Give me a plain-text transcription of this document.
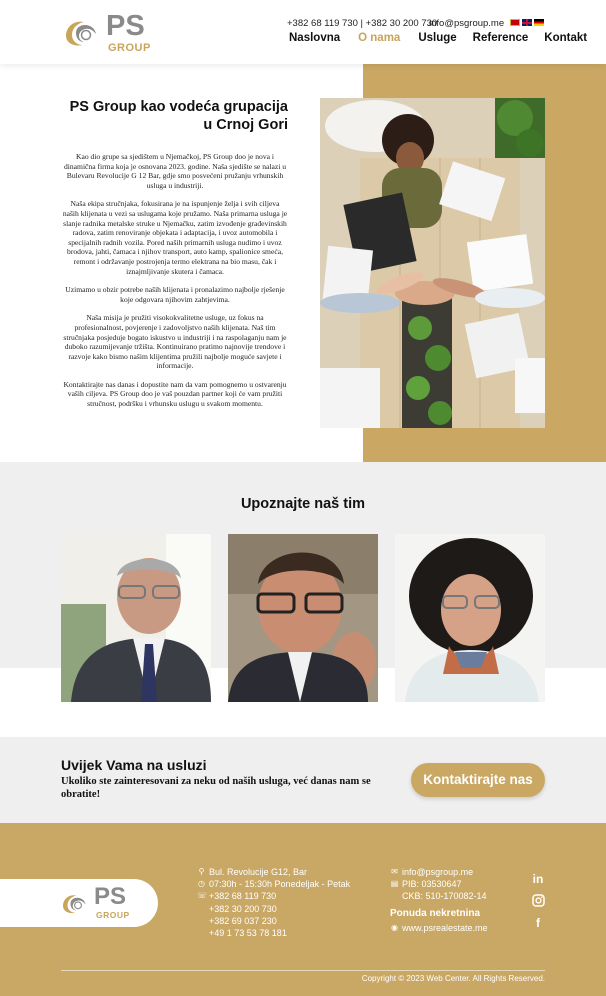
PS
GROUP
+382 68 119 730 | +382 30 200 730
info@psgroup.me
Naslovna O nama Usluge Reference Kontakt
PS Group kao vodeća grupacija u Crnoj Gori

Kao dio grupe sa sjedištem u Njemačkoj, PS Group doo je nova i dinamična firma koja je osnovana 2023. godine. Naša sjedište se nalazi u Bulevaru Revolucije G 12 Bar, gdje smo posvećeni pružanju vrhunskih usluga u industriji.

Naša ekipa stručnjaka, fokusirana je na ispunjenje želja i svih ciljeva naših klijenata u vezi sa uslugama koje pružamo. Naša primarna usluga je slanje radnika metalske struke u Njemačku, zatim izvođenje građevinskih radova, zatim renoviranje objekata i adaptacija, i uvoz automobila i specijalnih radnih vozila. Pored naših primarnih usluga nudimo i uvoz brodova, jahti, čamaca i njihov transport, auto kamp, spalionice smeća, remont i održavanje postrojenja termo elektrana na bio masu, čak i iznajmljivanje skutera i čamaca.

Uzimamo u obzir potrebe naših klijenata i pronalazimo najbolje rješenje koje odgovara njihovim zahtjevima.

Naša misija je pružiti visokokvalitetne usluge, uz fokus na profesionalnost, povjerenje i zadovoljstvo naših klijenata. Naš tim stručnjaka posjeduje bogato iskustvo u industriji i na raspolaganju nam je duboko razumijevanje tržišta. Kontinuirano pratimo najnovije trendove i razvoje kako bismo našim klijentima pružili najbolje moguće savjete i informacije.

Kontaktirajte nas danas i dopustite nam da vam pomognemo u ostvarenju vaših ciljeva. PS Group doo je vaš pouzdan partner koji će vam pružiti stručnost, podršku i vrhunsku uslugu u svakom momentu.

Upoznajte naš tim
Uvijek Vama na usluzi

Ukoliko ste zainteresovani za neku od naših usluga, već danas nam se obratite!

Kontaktirajte nas
PS
GROUP
⚲ Bul. Revolucije G12, Bar
◷ 07:30h - 15:30h Ponedeljak - Petak
☏ +382 68 119 730
+382 30 200 730
+382 69 037 230
+49 1 73 53 78 181
✉ info@psgroup.me
▤ PIB: 03530647
CKB: 510-170082-14
Ponuda nekretnina
◉ www.psrealestate.me
in
f
Copyright © 2023 Web Center. All Rights Reserved.
